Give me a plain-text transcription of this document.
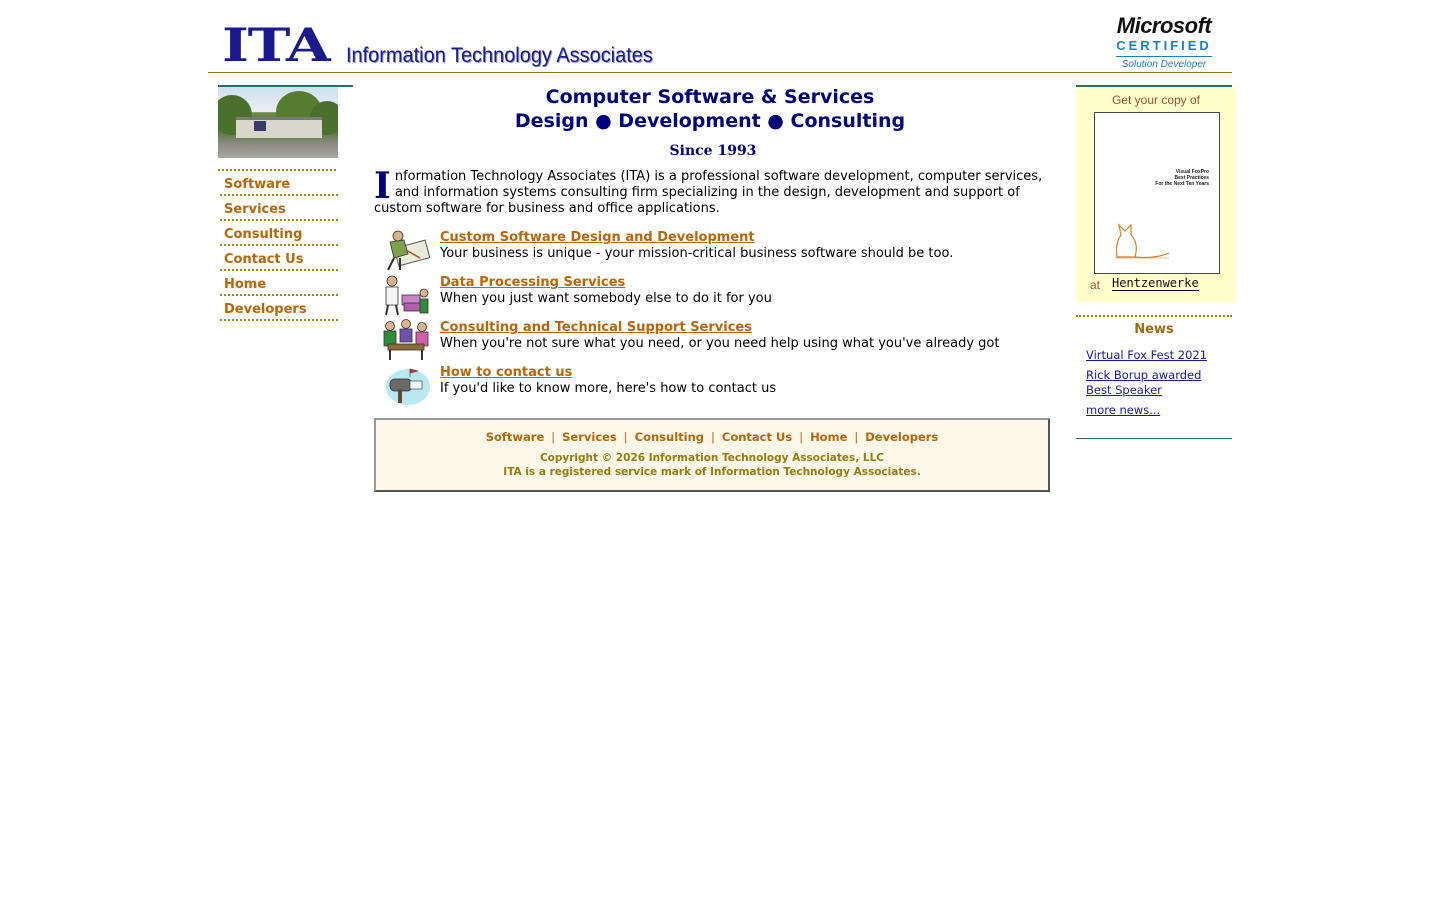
ITA Information Technology Associates
Microsoft
CERTIFIED
Solution Developer
Software
Services
Consulting
Contact Us
Home
Developers
Computer Software & Services
Design ● Development ● Consulting
Since 1993
I nformation Technology Associates (ITA) is a professional software development, computer services, and information systems consulting firm specializing in the design, development and support of custom software for business and office applications.
Custom Software Design and Development
Your business is unique - your mission-critical business software should be too.
Data Processing Services
When you just want somebody else to do it for you
Consulting and Technical Support Services
When you're not sure what you need, or you need help using what you've already got
How to contact us
If you'd like to know more, here's how to contact us
Software | Services | Consulting | Contact Us | Home | Developers
Copyright © 2026 Information Technology Associates, LLC
ITA is a registered service mark of Information Technology Associates.
Get your copy of
Visual FoxPro
Best Practices
For the Next Ten Years
at Hentzenwerke
News
Virtual Fox Fest 2021
Rick Borup awarded Best Speaker
more news...
